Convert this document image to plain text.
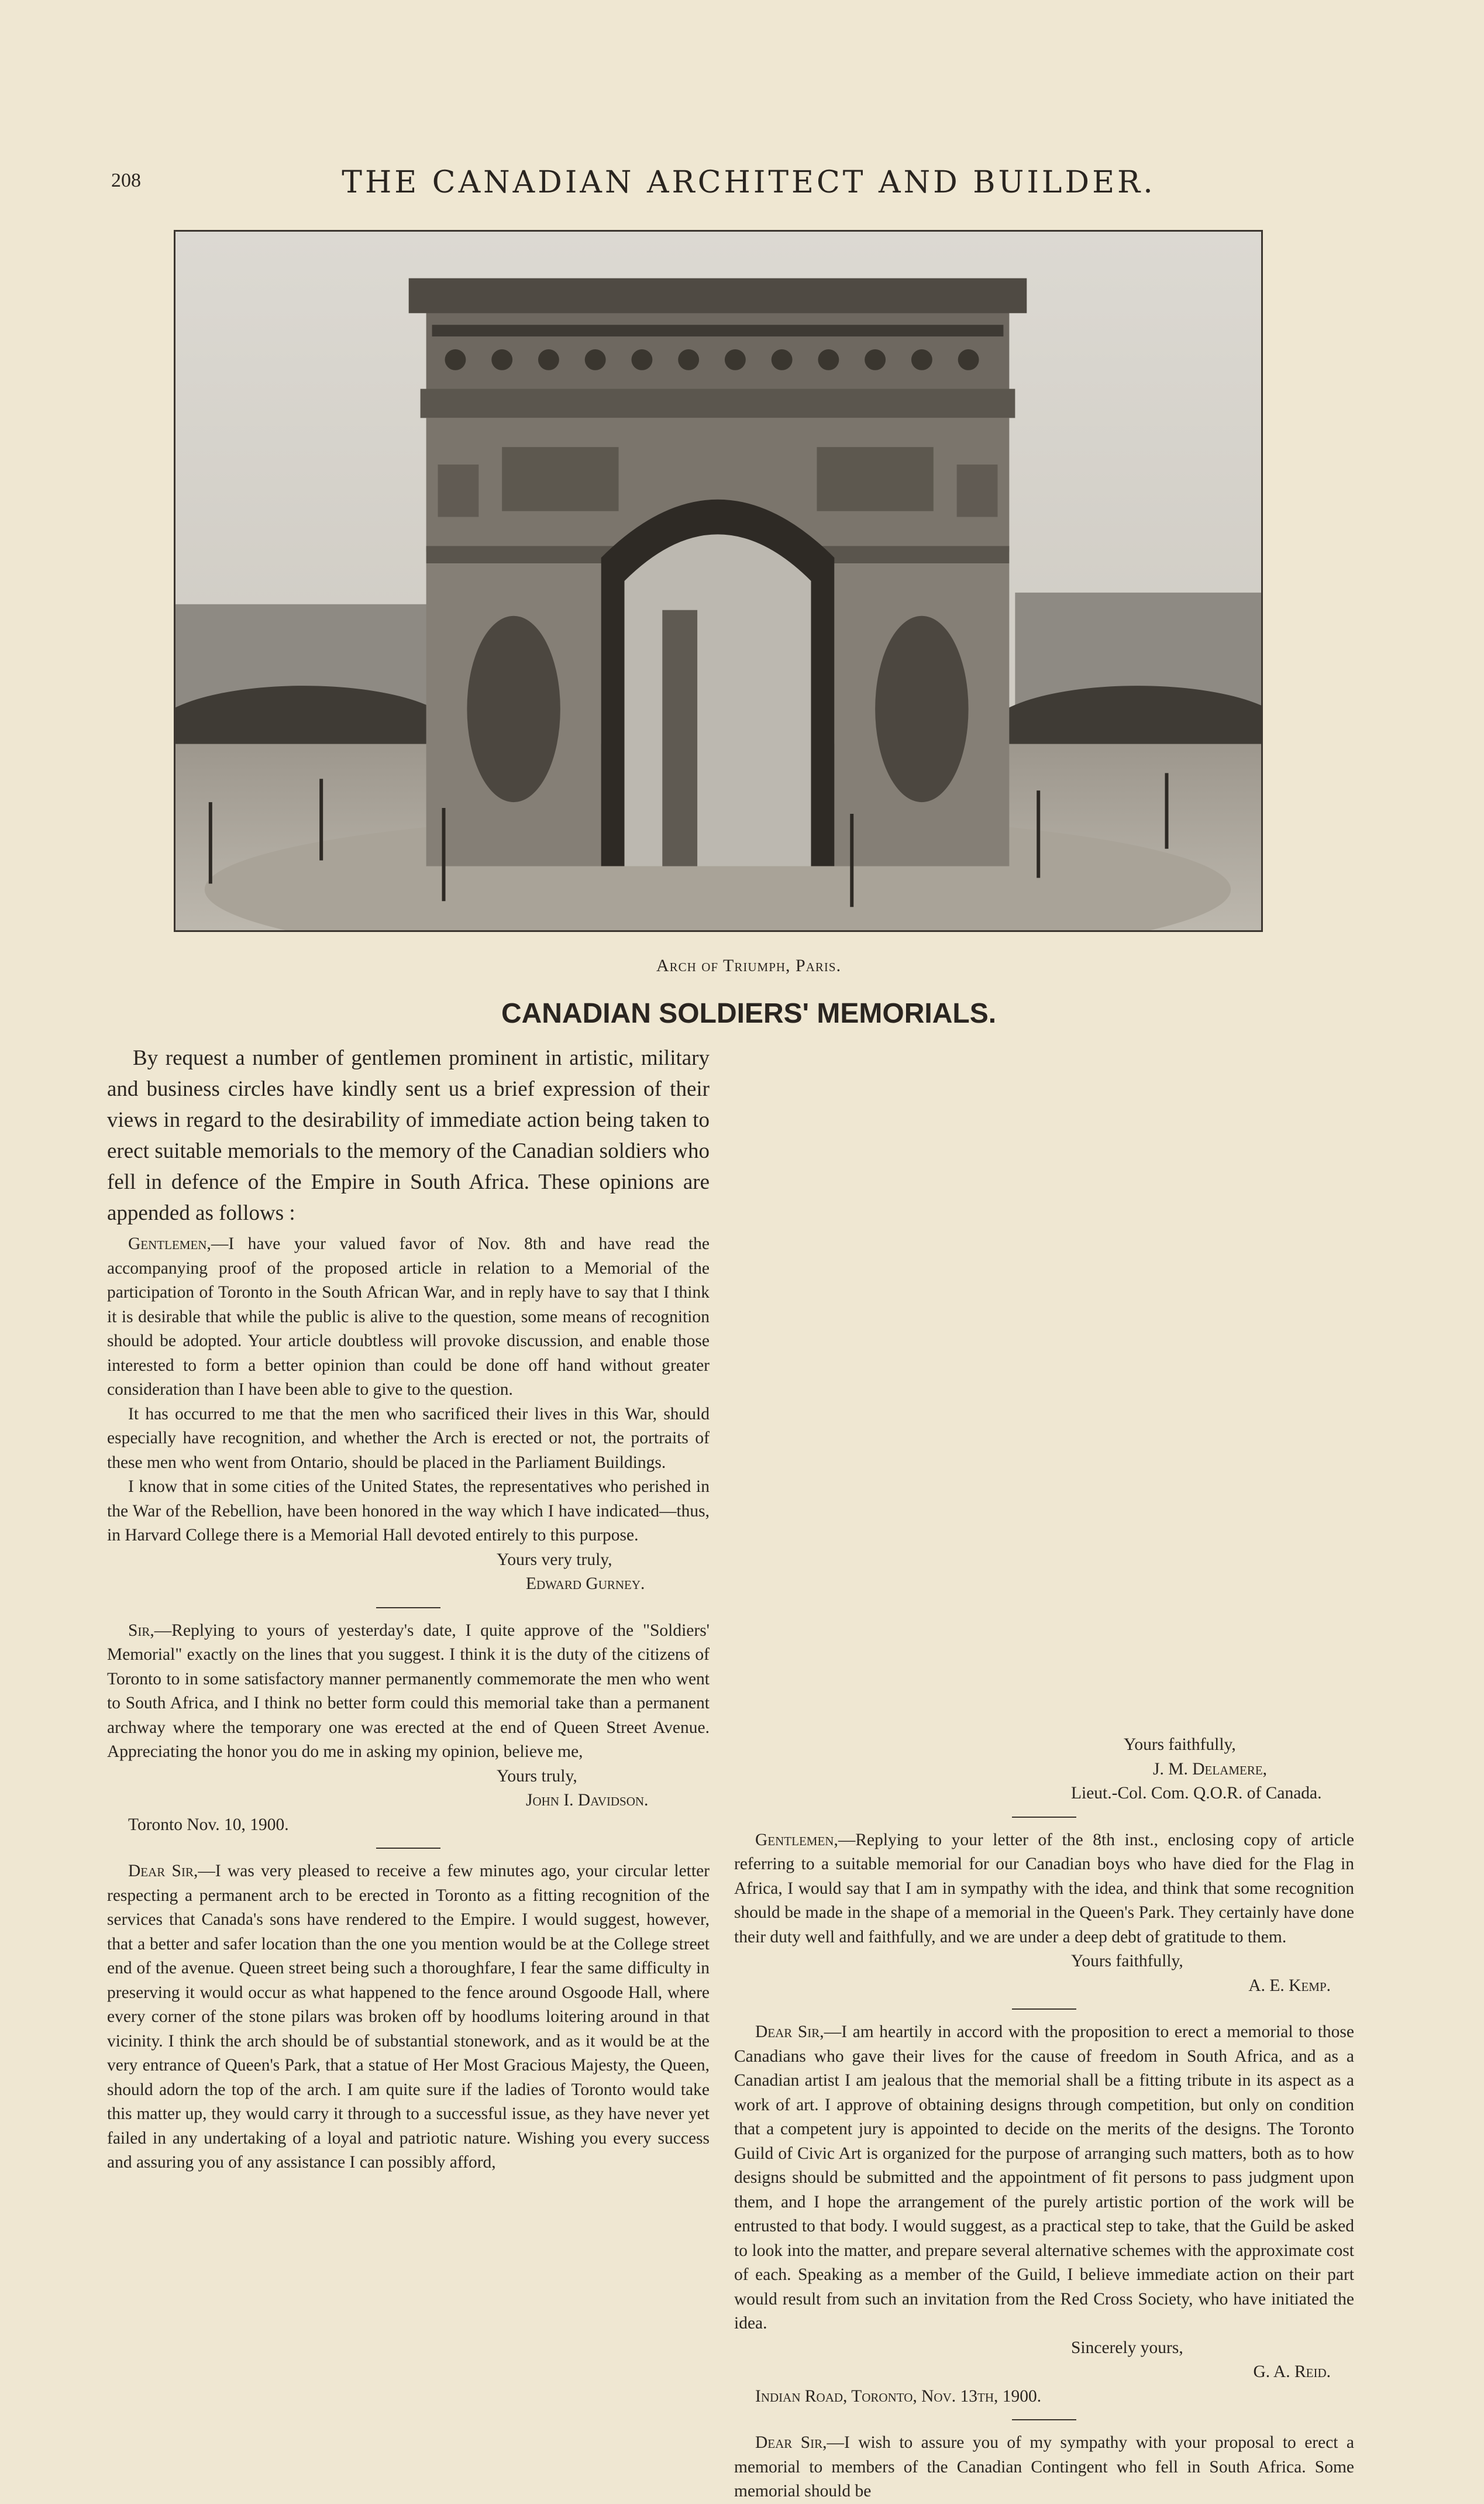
208	THE CANADIAN ARCHITECT AND BUILDER.
Arch of Triumph, Paris.
CANADIAN SOLDIERS' MEMORIALS.

By request a number of gentlemen prominent in artistic, military and business circles have kindly sent us a brief expression of their views in regard to the desirability of immediate action being taken to erect suitable memorials to the memory of the Canadian soldiers who fell in defence of the Empire in South Africa. These opinions are appended as follows :

Gentlemen,—I have your valued favor of Nov. 8th and have read the accompanying proof of the proposed article in relation to a Memorial of the participation of Toronto in the South African War, and in reply have to say that I think it is desirable that while the public is alive to the question, some means of recognition should be adopted. Your article doubtless will provoke discussion, and enable those interested to form a better opinion than could be done off hand without greater consideration than I have been able to give to the question.

It has occurred to me that the men who sacrificed their lives in this War, should especially have recognition, and whether the Arch is erected or not, the portraits of these men who went from Ontario, should be placed in the Parliament Buildings.

I know that in some cities of the United States, the representatives who perished in the War of the Rebellion, have been honored in the way which I have indicated—thus, in Harvard College there is a Memorial Hall devoted entirely to this purpose.

Yours very truly,

Edward Gurney.

Sir,—Replying to yours of yesterday's date, I quite approve of the "Soldiers' Memorial" exactly on the lines that you suggest. I think it is the duty of the citizens of Toronto to in some satisfactory manner permanently commemorate the men who went to South Africa, and I think no better form could this memorial take than a permanent archway where the temporary one was erected at the end of Queen Street Avenue. Appreciating the honor you do me in asking my opinion, believe me,

Yours truly,

John I. Davidson.

Toronto Nov. 10, 1900.

Dear Sir,—I was very pleased to receive a few minutes ago, your circular letter respecting a permanent arch to be erected in Toronto as a fitting recognition of the services that Canada's sons have rendered to the Empire. I would suggest, however, that a better and safer location than the one you mention would be at the College street end of the avenue. Queen street being such a thoroughfare, I fear the same difficulty in preserving it would occur as what happened to the fence around Osgoode Hall, where every corner of the stone pilars was broken off by hoodlums loitering around in that vicinity. I think the arch should be of substantial stonework, and as it would be at the very entrance of Queen's Park, that a statue of Her Most Gracious Majesty, the Queen, should adorn the top of the arch. I am quite sure if the ladies of Toronto would take this matter up, they would carry it through to a successful issue, as they have never yet failed in any undertaking of a loyal and patriotic nature. Wishing you every success and assuring you of any assistance I can possibly afford,

Yours faithfully,

J. M. Delamere,

Lieut.-Col. Com. Q.O.R. of Canada.

Gentlemen,—Replying to your letter of the 8th inst., enclosing copy of article referring to a suitable memorial for our Canadian boys who have died for the Flag in Africa, I would say that I am in sympathy with the idea, and think that some recognition should be made in the shape of a memorial in the Queen's Park. They certainly have done their duty well and faithfully, and we are under a deep debt of gratitude to them.

Yours faithfully,

A. E. Kemp.

Dear Sir,—I am heartily in accord with the proposition to erect a memorial to those Canadians who gave their lives for the cause of freedom in South Africa, and as a Canadian artist I am jealous that the memorial shall be a fitting tribute in its aspect as a work of art. I approve of obtaining designs through competition, but only on condition that a competent jury is appointed to decide on the merits of the designs. The Toronto Guild of Civic Art is organized for the purpose of arranging such matters, both as to how designs should be submitted and the appointment of fit persons to pass judgment upon them, and I hope the arrangement of the purely artistic portion of the work will be entrusted to that body. I would suggest, as a practical step to take, that the Guild be asked to look into the matter, and prepare several alternative schemes with the approximate cost of each. Speaking as a member of the Guild, I believe immediate action on their part would result from such an invitation from the Red Cross Society, who have initiated the idea.

Sincerely yours,

G. A. Reid.

Indian Road, Toronto, Nov. 13th, 1900.

Dear Sir,—I wish to assure you of my sympathy with your proposal to erect a memorial to members of the Canadian Contingent who fell in South Africa. Some memorial should be
